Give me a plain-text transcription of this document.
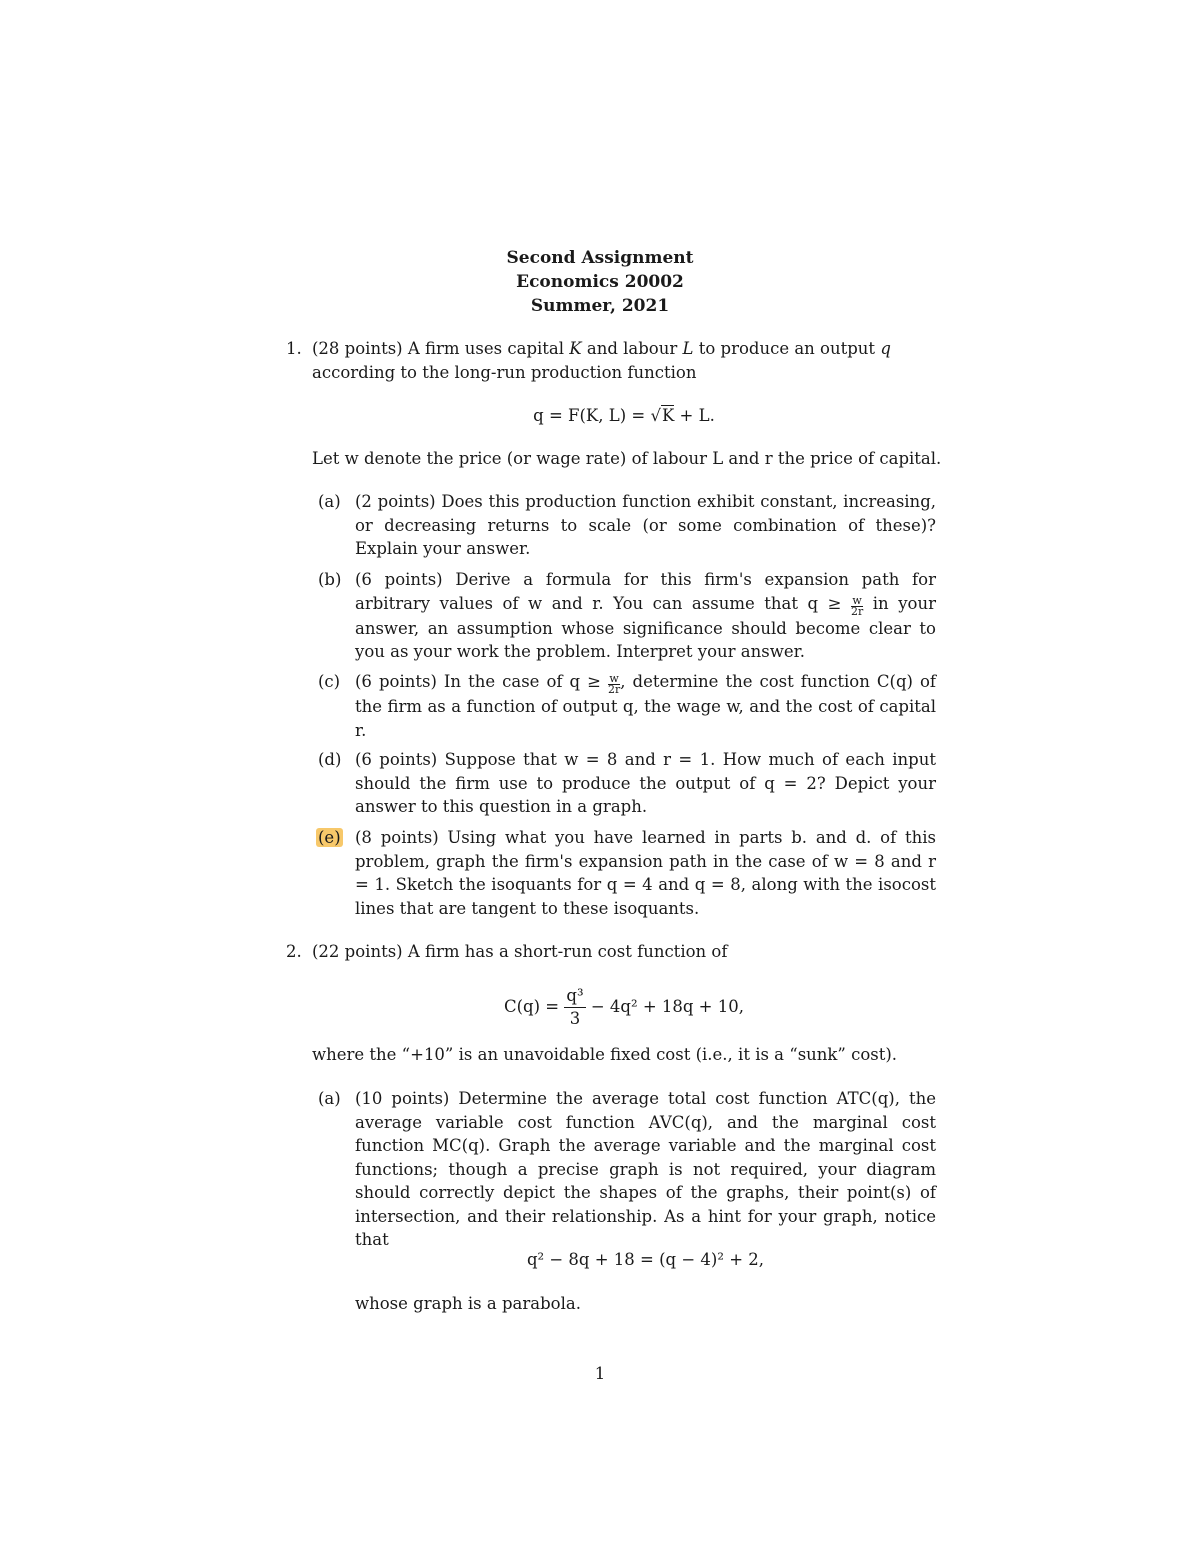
Second Assignment
Economics 20002
Summer, 2021
1. (28 points) A firm uses capital K and labour L to produce an output q
according to the long-run production function
q = F(K, L) = √K + L.
Let w denote the price (or wage rate) of labour L and r the price of capital.
(a) (2 points) Does this production function exhibit constant, increasing, or decreasing returns to scale (or some combination of these)? Explain your answer.
(b) (6 points) Derive a formula for this firm's expansion path for arbitrary values of w and r. You can assume that $q \ge \frac{w}{2r}$ in your answer, an assumption whose significance should become clear to you as your work the problem. Interpret your answer.
(c) (6 points) In the case of $q \ge \frac{w}{2r}$ , determine the cost function C(q) of the firm as a function of output q, the wage w, and the cost of capital r.
(d) (6 points) Suppose that w = 8 and r = 1. How much of each input should the firm use to produce the output of q = 2? Depict your answer to this question in a graph.
(e) (8 points) Using what you have learned in parts b. and d. of this problem, graph the firm's expansion path in the case of w = 8 and r = 1. Sketch the isoquants for q = 4 and q = 8, along with the isocost lines that are tangent to these isoquants.
2. (22 points) A firm has a short-run cost function of
$C(q) = \frac{\text{q³}}{3} - 4q^2 + 18q + 10$,
where the “+10” is an unavoidable fixed cost (i.e., it is a “sunk” cost).
(a) (10 points) Determine the average total cost function ATC(q), the average variable cost function AVC(q), and the marginal cost function MC(q). Graph the average variable and the marginal cost functions; though a precise graph is not required, your diagram should correctly depict the shapes of the graphs, their point(s) of intersection, and their relationship. As a hint for your graph, notice that
q² − 8q + 18 = (q − 4)² + 2,
whose graph is a parabola.
1
